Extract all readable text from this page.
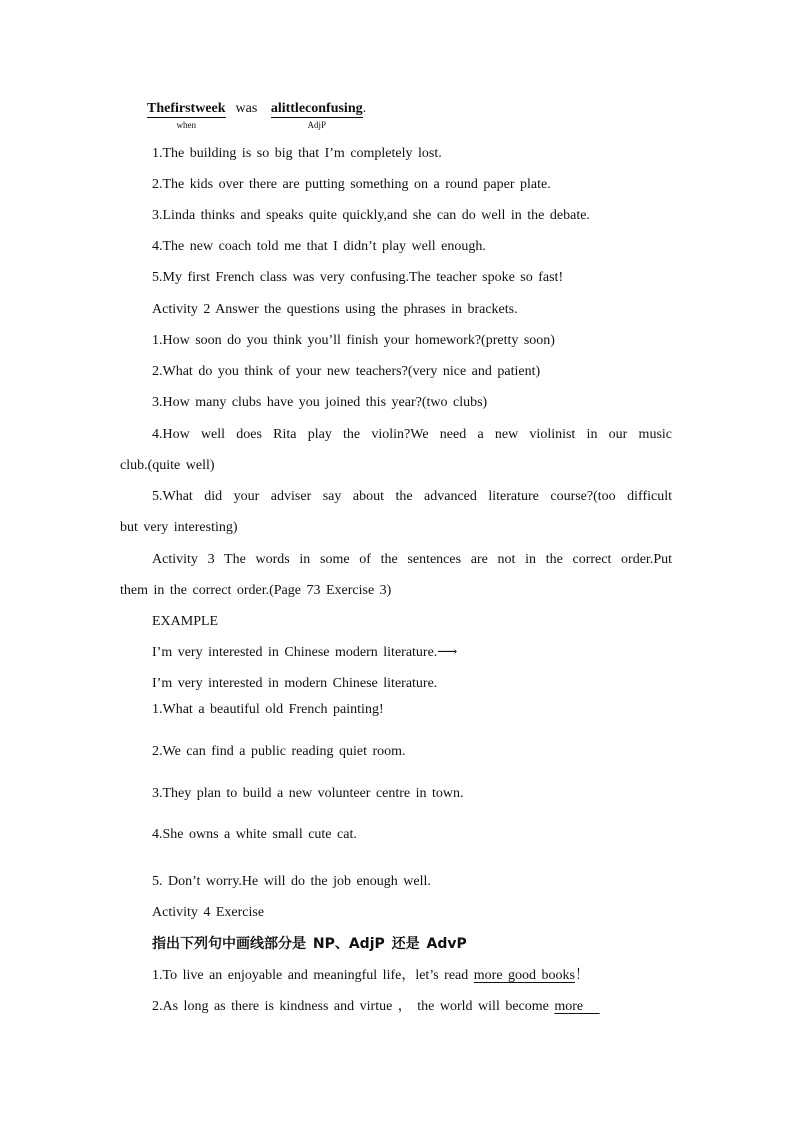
Thefirstweek
when
was alittleconfusing
AdjP
.
1.The building is so big that I’m completely lost.
2.The kids over there are putting something on a round paper plate.
3.Linda thinks and speaks quite quickly,and she can do well in the debate.
4.The new coach told me that I didn’t play well enough.
5.My first French class was very confusing.The teacher spoke so fast!
Activity 2 Answer the questions using the phrases in brackets.
1.How soon do you think you’ll finish your homework?(pretty soon)
2.What do you think of your new teachers?(very nice and patient)
3.How many clubs have you joined this year?(two clubs)
4.How well does Rita play the violin?We need a new violinist in our music
club.(quite well)
5.What did your adviser say about the advanced literature course?(too difficult
but very interesting)
Activity 3 The words in some of the sentences are not in the correct order.Put
them in the correct order.(Page 73 Exercise 3)
EXAMPLE
I’m very interested in Chinese modern literature.⟶
I’m very interested in modern Chinese literature.
1.What a beautiful old French painting!
2.We can find a public reading quiet room.
3.They plan to build a new volunteer centre in town.
4.She owns a white small cute cat.
5. Don’t worry.He will do the job enough well.
Activity 4 Exercise
指出下列句中画线部分是 NP、AdjP 还是 AdvP
1.To live an enjoyable and meaningful life，let’s read more good books！
2.As long as there is kindness and virtue ， the world will become more
